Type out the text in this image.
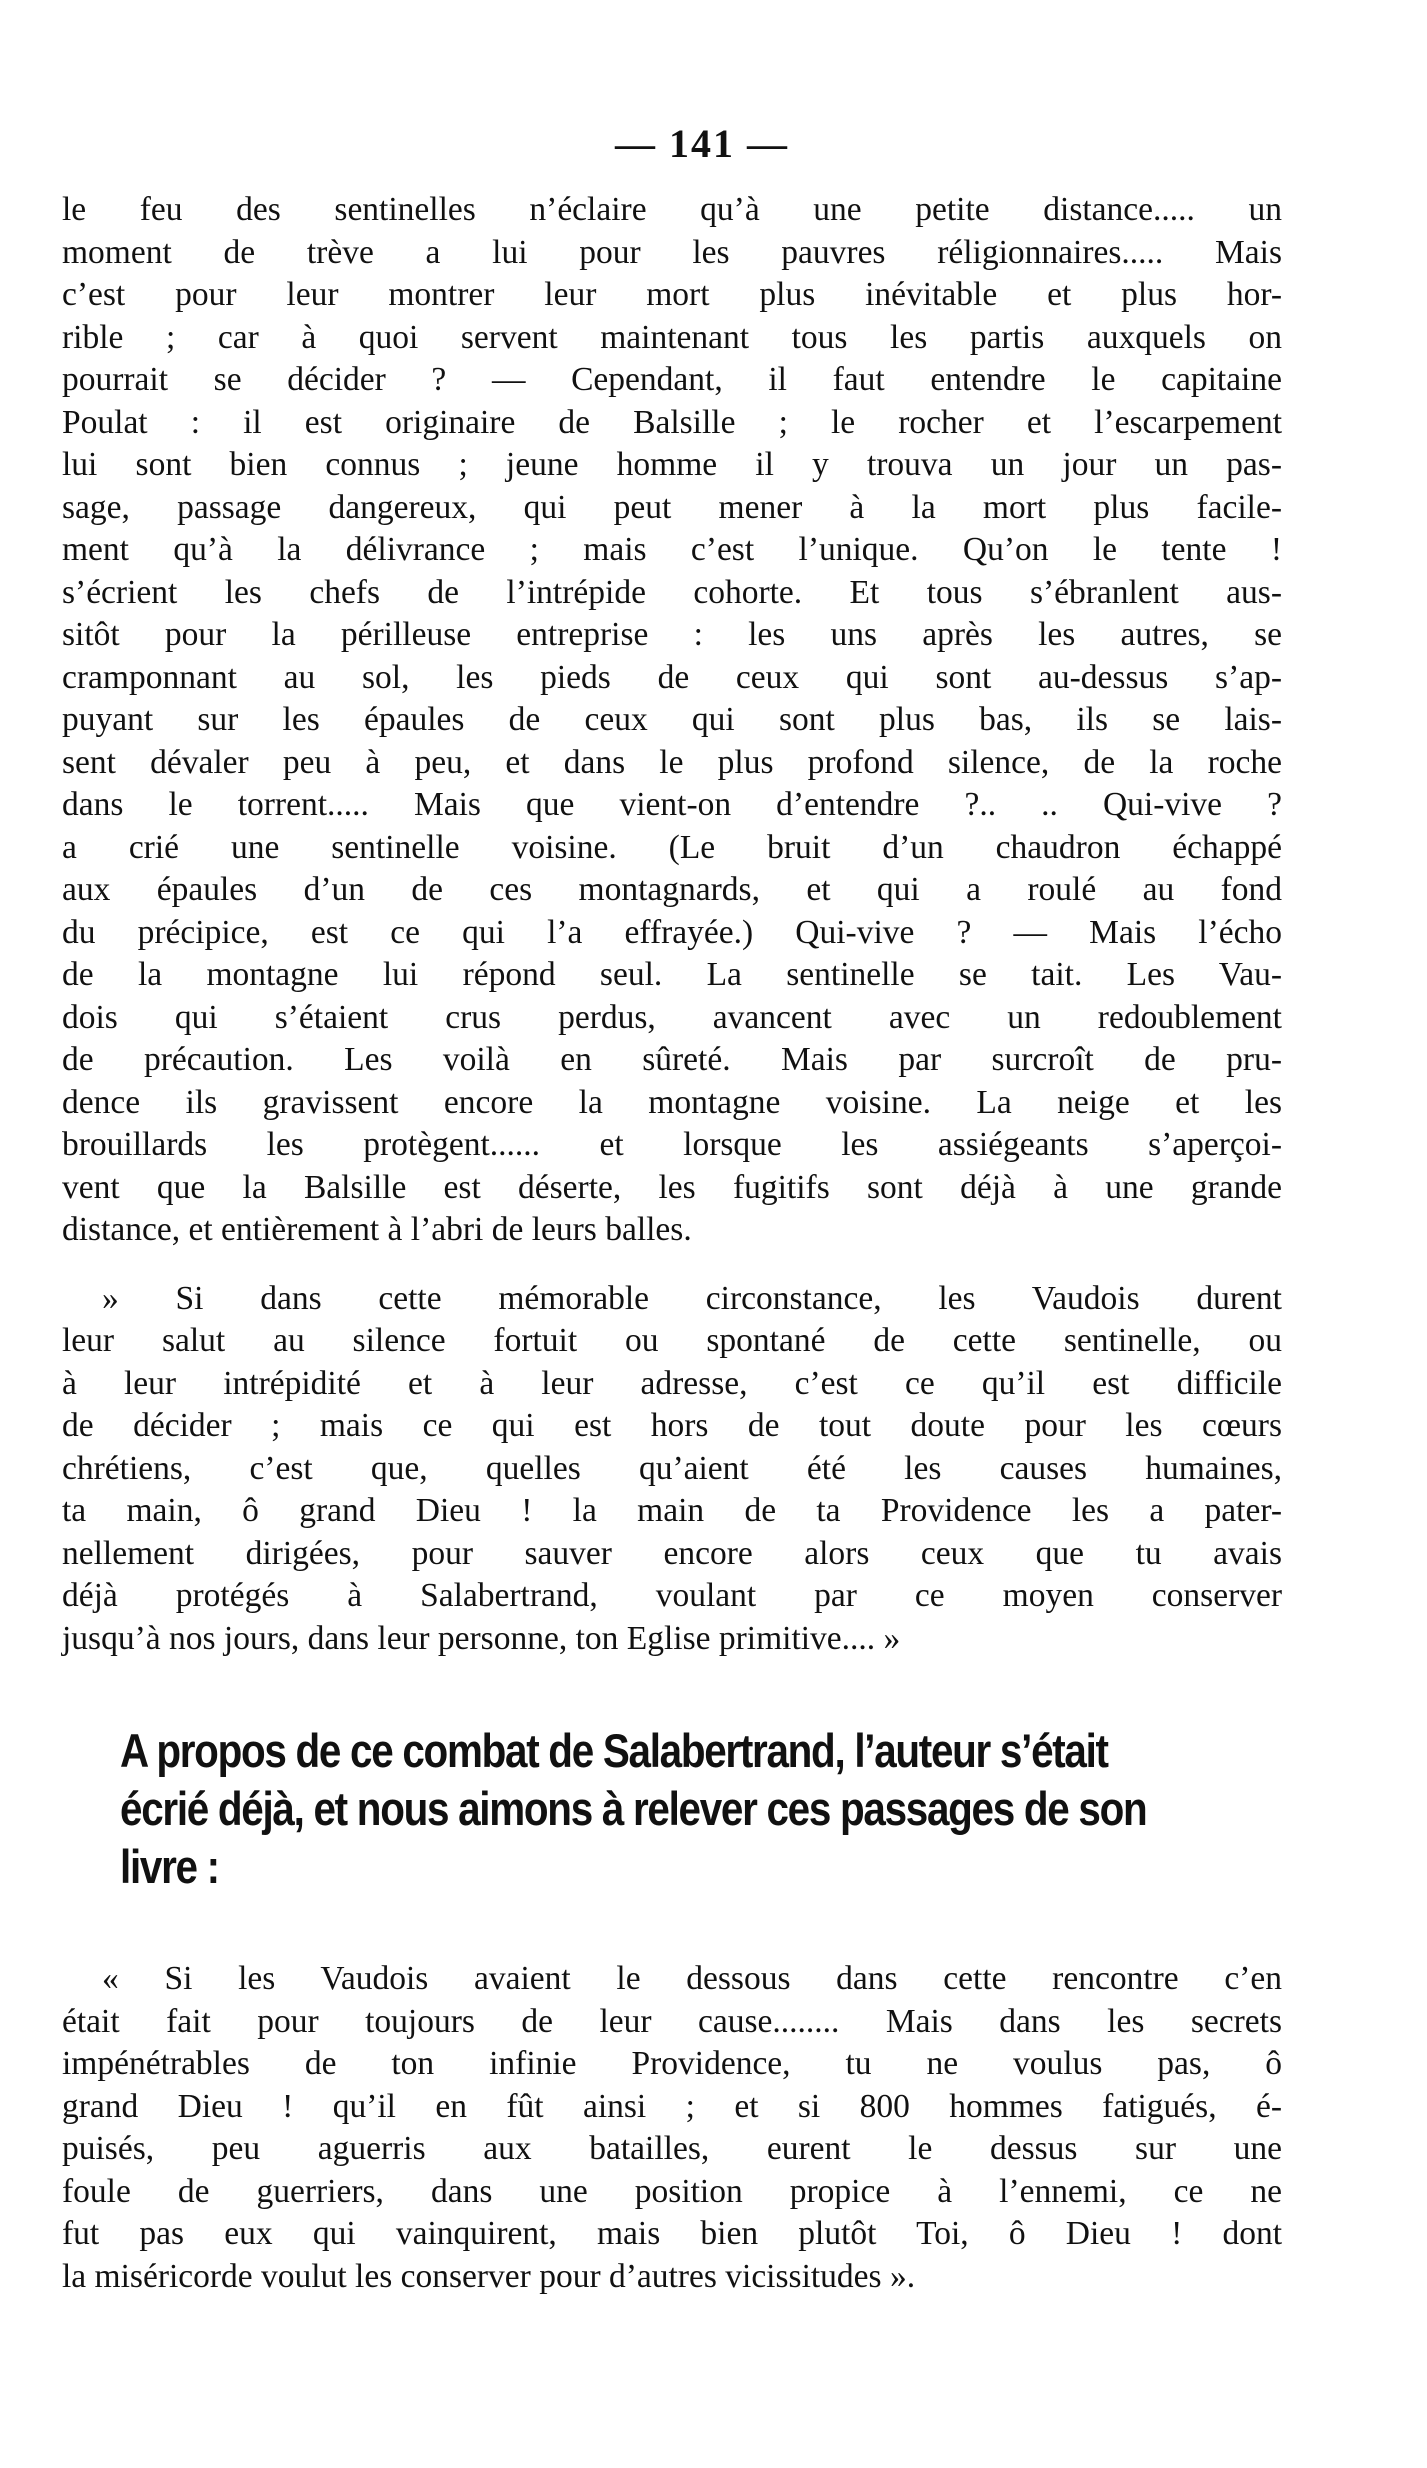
— 141 —
le feu des sentinelles n’éclaire qu’à une petite distance..... un
moment de trève a lui pour les pauvres réligionnaires..... Mais
c’est pour leur montrer leur mort plus inévitable et plus hor-
rible ; car à quoi servent maintenant tous les partis auxquels on
pourrait se décider ? — Cependant, il faut entendre le capitaine
Poulat : il est originaire de Balsille ; le rocher et l’escarpement
lui sont bien connus ; jeune homme il y trouva un jour un pas-
sage, passage dangereux, qui peut mener à la mort plus facile-
ment qu’à la délivrance ; mais c’est l’unique. Qu’on le tente !
s’écrient les chefs de l’intrépide cohorte. Et tous s’ébranlent aus-
sitôt pour la périlleuse entreprise : les uns après les autres, se
cramponnant au sol, les pieds de ceux qui sont au-dessus s’ap-
puyant sur les épaules de ceux qui sont plus bas, ils se lais-
sent dévaler peu à peu, et dans le plus profond silence, de la roche
dans le torrent..... Mais que vient-on d’entendre ?.. .. Qui-vive ?
a crié une sentinelle voisine. (Le bruit d’un chaudron échappé
aux épaules d’un de ces montagnards, et qui a roulé au fond
du précipice, est ce qui l’a effrayée.) Qui-vive ? — Mais l’écho
de la montagne lui répond seul. La sentinelle se tait. Les Vau-
dois qui s’étaient crus perdus, avancent avec un redoublement
de précaution. Les voilà en sûreté. Mais par surcroît de pru-
dence ils gravissent encore la montagne voisine. La neige et les
brouillards les protègent...... et lorsque les assiégeants s’aperçoi-
vent que la Balsille est déserte, les fugitifs sont déjà à une grande
distance, et entièrement à l’abri de leurs balles.
» Si dans cette mémorable circonstance, les Vaudois durent
leur salut au silence fortuit ou spontané de cette sentinelle, ou
à leur intrépidité et à leur adresse, c’est ce qu’il est difficile
de décider ; mais ce qui est hors de tout doute pour les cœurs
chrétiens, c’est que, quelles qu’aient été les causes humaines,
ta main, ô grand Dieu ! la main de ta Providence les a pater-
nellement dirigées, pour sauver encore alors ceux que tu avais
déjà protégés à Salabertrand, voulant par ce moyen conserver
jusqu’à nos jours, dans leur personne, ton Eglise primitive.... »
A propos de ce combat de Salabertrand, l’auteur s’était
écrié déjà, et nous aimons à relever ces passages de son
livre :
« Si les Vaudois avaient le dessous dans cette rencontre c’en
était fait pour toujours de leur cause........ Mais dans les secrets
impénétrables de ton infinie Providence, tu ne voulus pas, ô
grand Dieu ! qu’il en fût ainsi ; et si 800 hommes fatigués, é-
puisés, peu aguerris aux batailles, eurent le dessus sur une
foule de guerriers, dans une position propice à l’ennemi, ce ne
fut pas eux qui vainquirent, mais bien plutôt Toi, ô Dieu ! dont
la miséricorde voulut les conserver pour d’autres vicissitudes ».
